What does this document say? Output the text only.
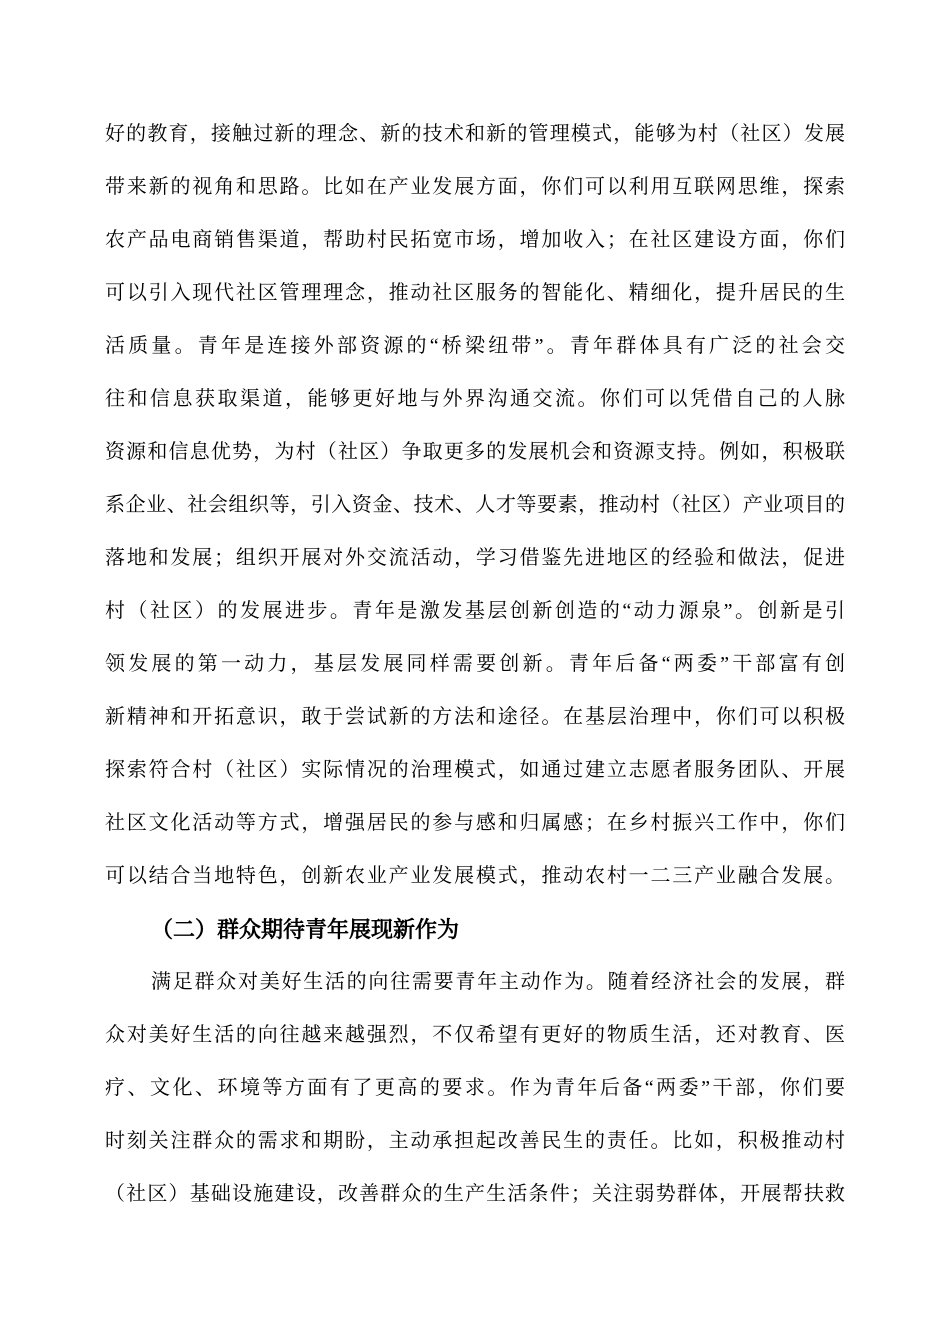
好的教育，接触过新的理念、新的技术和新的管理模式，能够为村（社区）发展
带来新的视角和思路。比如在产业发展方面，你们可以利用互联网思维，探索
农产品电商销售渠道，帮助村民拓宽市场，增加收入；在社区建设方面，你们
可以引入现代社区管理理念，推动社区服务的智能化、精细化，提升居民的生
活质量。青年是连接外部资源的“桥梁纽带”。青年群体具有广泛的社会交
往和信息获取渠道，能够更好地与外界沟通交流。你们可以凭借自己的人脉
资源和信息优势，为村（社区）争取更多的发展机会和资源支持。例如，积极联
系企业、社会组织等，引入资金、技术、人才等要素，推动村（社区）产业项目的
落地和发展；组织开展对外交流活动，学习借鉴先进地区的经验和做法，促进
村（社区）的发展进步。青年是激发基层创新创造的“动力源泉”。创新是引
领发展的第一动力，基层发展同样需要创新。青年后备“两委”干部富有创
新精神和开拓意识，敢于尝试新的方法和途径。在基层治理中，你们可以积极
探索符合村（社区）实际情况的治理模式，如通过建立志愿者服务团队、开展
社区文化活动等方式，增强居民的参与感和归属感；在乡村振兴工作中，你们
可以结合当地特色，创新农业产业发展模式，推动农村一二三产业融合发展。
（二）群众期待青年展现新作为
满足群众对美好生活的向往需要青年主动作为。随着经济社会的发展，群
众对美好生活的向往越来越强烈，不仅希望有更好的物质生活，还对教育、医
疗、文化、环境等方面有了更高的要求。作为青年后备“两委”干部，你们要
时刻关注群众的需求和期盼，主动承担起改善民生的责任。比如，积极推动村
（社区）基础设施建设，改善群众的生产生活条件；关注弱势群体，开展帮扶救
